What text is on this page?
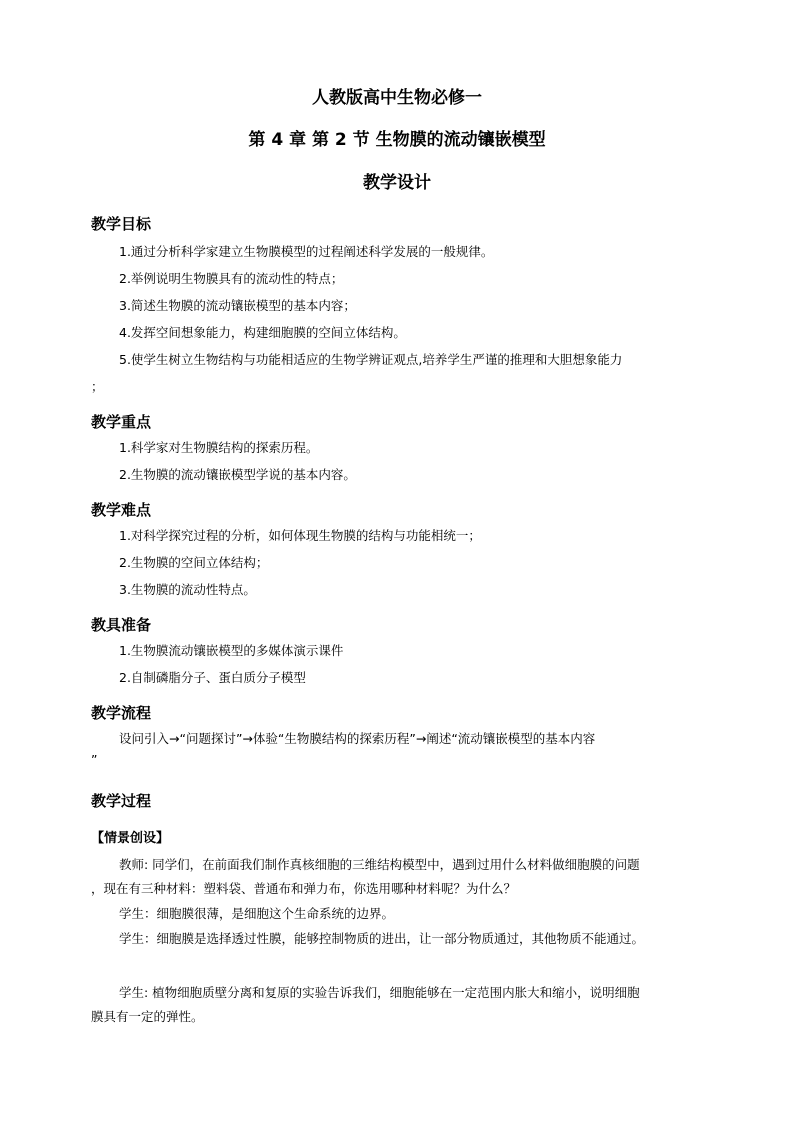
人教版高中生物必修一
第 4 章 第 2 节 生物膜的流动镶嵌模型
教学设计

教学目标

1.通过分析科学家建立生物膜模型的过程阐述科学发展的一般规律。

2.举例说明生物膜具有的流动性的特点；

3.简述生物膜的流动镶嵌模型的基本内容；

4.发挥空间想象能力，构建细胞膜的空间立体结构。

5.使学生树立生物结构与功能相适应的生物学辨证观点,培养学生严谨的推理和大胆想象能力

；

教学重点

1.科学家对生物膜结构的探索历程。

2.生物膜的流动镶嵌模型学说的基本内容。

教学难点

1.对科学探究过程的分析，如何体现生物膜的结构与功能相统一；

2.生物膜的空间立体结构；

3.生物膜的流动性特点。

教具准备

1.生物膜流动镶嵌模型的多媒体演示课件

2.自制磷脂分子、蛋白质分子模型

教学流程

设问引入→“问题探讨”→体验“生物膜结构的探索历程”→阐述“流动镶嵌模型的基本内容

”

教学过程

【情景创设】

教师: 同学们，在前面我们制作真核细胞的三维结构模型中，遇到过用什么材料做细胞膜的问题

，现在有三种材料：塑料袋、普通布和弹力布，你选用哪种材料呢？为什么？

学生：细胞膜很薄，是细胞这个生命系统的边界。

学生：细胞膜是选择透过性膜，能够控制物质的进出，让一部分物质通过，其他物质不能通过。

学生: 植物细胞质壁分离和复原的实验告诉我们，细胞能够在一定范围内胀大和缩小，说明细胞

膜具有一定的弹性。
